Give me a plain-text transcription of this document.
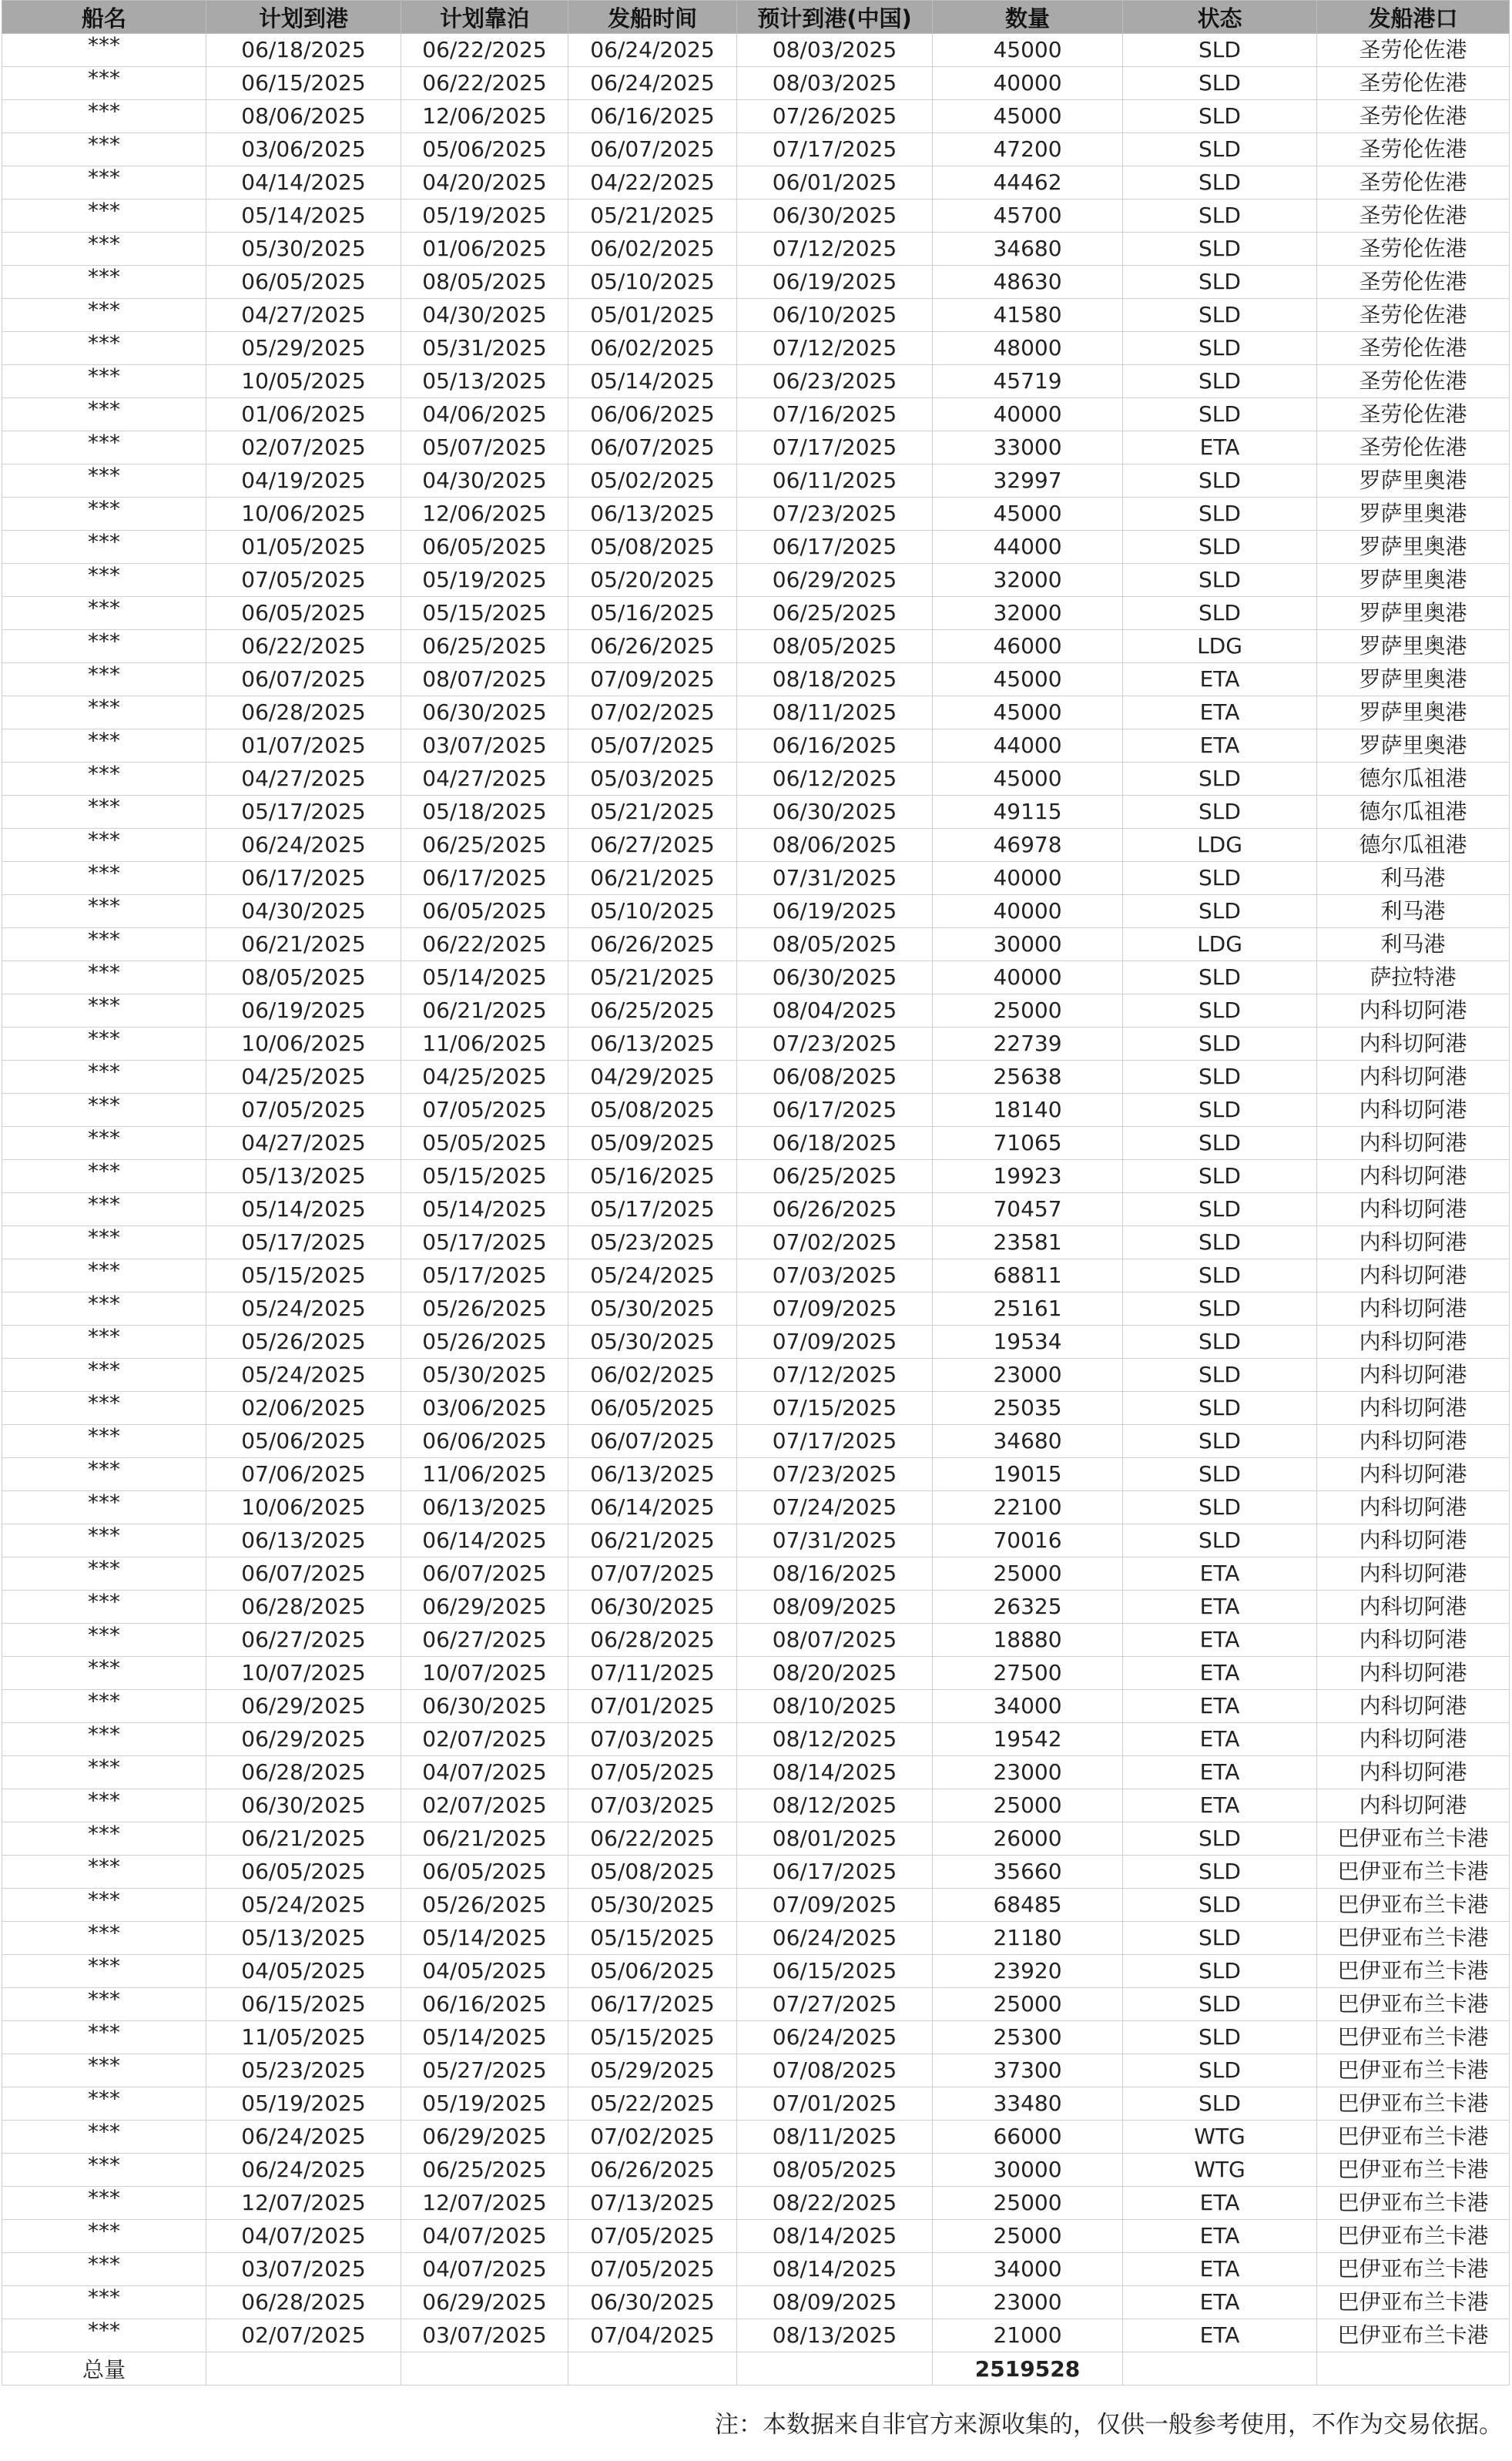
船名	计划到港	计划靠泊	发船时间	预计到港(中国)	数量	状态	发船港口
***	06/18/2025	06/22/2025	06/24/2025	08/03/2025	45000	SLD	圣劳伦佐港
***	06/15/2025	06/22/2025	06/24/2025	08/03/2025	40000	SLD	圣劳伦佐港
***	08/06/2025	12/06/2025	06/16/2025	07/26/2025	45000	SLD	圣劳伦佐港
***	03/06/2025	05/06/2025	06/07/2025	07/17/2025	47200	SLD	圣劳伦佐港
***	04/14/2025	04/20/2025	04/22/2025	06/01/2025	44462	SLD	圣劳伦佐港
***	05/14/2025	05/19/2025	05/21/2025	06/30/2025	45700	SLD	圣劳伦佐港
***	05/30/2025	01/06/2025	06/02/2025	07/12/2025	34680	SLD	圣劳伦佐港
***	06/05/2025	08/05/2025	05/10/2025	06/19/2025	48630	SLD	圣劳伦佐港
***	04/27/2025	04/30/2025	05/01/2025	06/10/2025	41580	SLD	圣劳伦佐港
***	05/29/2025	05/31/2025	06/02/2025	07/12/2025	48000	SLD	圣劳伦佐港
***	10/05/2025	05/13/2025	05/14/2025	06/23/2025	45719	SLD	圣劳伦佐港
***	01/06/2025	04/06/2025	06/06/2025	07/16/2025	40000	SLD	圣劳伦佐港
***	02/07/2025	05/07/2025	06/07/2025	07/17/2025	33000	ETA	圣劳伦佐港
***	04/19/2025	04/30/2025	05/02/2025	06/11/2025	32997	SLD	罗萨里奥港
***	10/06/2025	12/06/2025	06/13/2025	07/23/2025	45000	SLD	罗萨里奥港
***	01/05/2025	06/05/2025	05/08/2025	06/17/2025	44000	SLD	罗萨里奥港
***	07/05/2025	05/19/2025	05/20/2025	06/29/2025	32000	SLD	罗萨里奥港
***	06/05/2025	05/15/2025	05/16/2025	06/25/2025	32000	SLD	罗萨里奥港
***	06/22/2025	06/25/2025	06/26/2025	08/05/2025	46000	LDG	罗萨里奥港
***	06/07/2025	08/07/2025	07/09/2025	08/18/2025	45000	ETA	罗萨里奥港
***	06/28/2025	06/30/2025	07/02/2025	08/11/2025	45000	ETA	罗萨里奥港
***	01/07/2025	03/07/2025	05/07/2025	06/16/2025	44000	ETA	罗萨里奥港
***	04/27/2025	04/27/2025	05/03/2025	06/12/2025	45000	SLD	德尔瓜祖港
***	05/17/2025	05/18/2025	05/21/2025	06/30/2025	49115	SLD	德尔瓜祖港
***	06/24/2025	06/25/2025	06/27/2025	08/06/2025	46978	LDG	德尔瓜祖港
***	06/17/2025	06/17/2025	06/21/2025	07/31/2025	40000	SLD	利马港
***	04/30/2025	06/05/2025	05/10/2025	06/19/2025	40000	SLD	利马港
***	06/21/2025	06/22/2025	06/26/2025	08/05/2025	30000	LDG	利马港
***	08/05/2025	05/14/2025	05/21/2025	06/30/2025	40000	SLD	萨拉特港
***	06/19/2025	06/21/2025	06/25/2025	08/04/2025	25000	SLD	内科切阿港
***	10/06/2025	11/06/2025	06/13/2025	07/23/2025	22739	SLD	内科切阿港
***	04/25/2025	04/25/2025	04/29/2025	06/08/2025	25638	SLD	内科切阿港
***	07/05/2025	07/05/2025	05/08/2025	06/17/2025	18140	SLD	内科切阿港
***	04/27/2025	05/05/2025	05/09/2025	06/18/2025	71065	SLD	内科切阿港
***	05/13/2025	05/15/2025	05/16/2025	06/25/2025	19923	SLD	内科切阿港
***	05/14/2025	05/14/2025	05/17/2025	06/26/2025	70457	SLD	内科切阿港
***	05/17/2025	05/17/2025	05/23/2025	07/02/2025	23581	SLD	内科切阿港
***	05/15/2025	05/17/2025	05/24/2025	07/03/2025	68811	SLD	内科切阿港
***	05/24/2025	05/26/2025	05/30/2025	07/09/2025	25161	SLD	内科切阿港
***	05/26/2025	05/26/2025	05/30/2025	07/09/2025	19534	SLD	内科切阿港
***	05/24/2025	05/30/2025	06/02/2025	07/12/2025	23000	SLD	内科切阿港
***	02/06/2025	03/06/2025	06/05/2025	07/15/2025	25035	SLD	内科切阿港
***	05/06/2025	06/06/2025	06/07/2025	07/17/2025	34680	SLD	内科切阿港
***	07/06/2025	11/06/2025	06/13/2025	07/23/2025	19015	SLD	内科切阿港
***	10/06/2025	06/13/2025	06/14/2025	07/24/2025	22100	SLD	内科切阿港
***	06/13/2025	06/14/2025	06/21/2025	07/31/2025	70016	SLD	内科切阿港
***	06/07/2025	06/07/2025	07/07/2025	08/16/2025	25000	ETA	内科切阿港
***	06/28/2025	06/29/2025	06/30/2025	08/09/2025	26325	ETA	内科切阿港
***	06/27/2025	06/27/2025	06/28/2025	08/07/2025	18880	ETA	内科切阿港
***	10/07/2025	10/07/2025	07/11/2025	08/20/2025	27500	ETA	内科切阿港
***	06/29/2025	06/30/2025	07/01/2025	08/10/2025	34000	ETA	内科切阿港
***	06/29/2025	02/07/2025	07/03/2025	08/12/2025	19542	ETA	内科切阿港
***	06/28/2025	04/07/2025	07/05/2025	08/14/2025	23000	ETA	内科切阿港
***	06/30/2025	02/07/2025	07/03/2025	08/12/2025	25000	ETA	内科切阿港
***	06/21/2025	06/21/2025	06/22/2025	08/01/2025	26000	SLD	巴伊亚布兰卡港
***	06/05/2025	06/05/2025	05/08/2025	06/17/2025	35660	SLD	巴伊亚布兰卡港
***	05/24/2025	05/26/2025	05/30/2025	07/09/2025	68485	SLD	巴伊亚布兰卡港
***	05/13/2025	05/14/2025	05/15/2025	06/24/2025	21180	SLD	巴伊亚布兰卡港
***	04/05/2025	04/05/2025	05/06/2025	06/15/2025	23920	SLD	巴伊亚布兰卡港
***	06/15/2025	06/16/2025	06/17/2025	07/27/2025	25000	SLD	巴伊亚布兰卡港
***	11/05/2025	05/14/2025	05/15/2025	06/24/2025	25300	SLD	巴伊亚布兰卡港
***	05/23/2025	05/27/2025	05/29/2025	07/08/2025	37300	SLD	巴伊亚布兰卡港
***	05/19/2025	05/19/2025	05/22/2025	07/01/2025	33480	SLD	巴伊亚布兰卡港
***	06/24/2025	06/29/2025	07/02/2025	08/11/2025	66000	WTG	巴伊亚布兰卡港
***	06/24/2025	06/25/2025	06/26/2025	08/05/2025	30000	WTG	巴伊亚布兰卡港
***	12/07/2025	12/07/2025	07/13/2025	08/22/2025	25000	ETA	巴伊亚布兰卡港
***	04/07/2025	04/07/2025	07/05/2025	08/14/2025	25000	ETA	巴伊亚布兰卡港
***	03/07/2025	04/07/2025	07/05/2025	08/14/2025	34000	ETA	巴伊亚布兰卡港
***	06/28/2025	06/29/2025	06/30/2025	08/09/2025	23000	ETA	巴伊亚布兰卡港
***	02/07/2025	03/07/2025	07/04/2025	08/13/2025	21000	ETA	巴伊亚布兰卡港
总量					2519528		
注：本数据来自非官方来源收集的，仅供一般参考使用，不作为交易依据。
